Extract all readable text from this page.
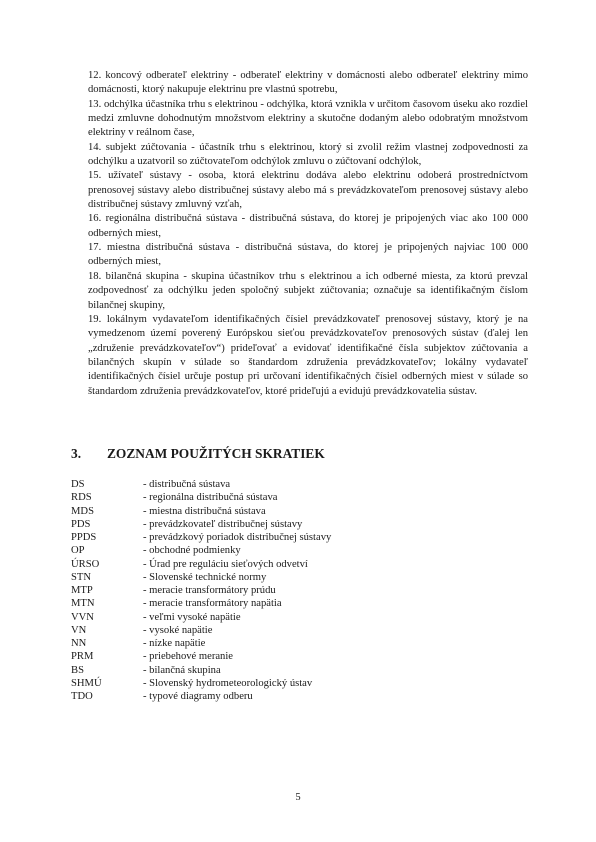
12. koncový odberateľ elektriny - odberateľ elektriny v domácnosti alebo odberateľ elektriny mimo domácnosti, ktorý nakupuje elektrinu pre vlastnú spotrebu,

13. odchýlka účastníka trhu s elektrinou - odchýlka, ktorá vznikla v určitom časovom úseku ako rozdiel medzi zmluvne dohodnutým množstvom elektriny a skutočne dodaným alebo odobratým množstvom elektriny v reálnom čase,

14. subjekt zúčtovania - účastník trhu s elektrinou, ktorý si zvolil režim vlastnej zodpovednosti za odchýlku a uzatvoril so zúčtovateľom odchýlok zmluvu o zúčtovaní odchýlok,

15. užívateľ sústavy - osoba, ktorá elektrinu dodáva alebo elektrinu odoberá prostredníctvom prenosovej sústavy alebo distribučnej sústavy alebo má s prevádzkovateľom prenosovej sústavy alebo distribučnej sústavy zmluvný vzťah,

16. regionálna distribučná sústava - distribučná sústava, do ktorej je pripojených viac ako 100 000 odberných miest,

17. miestna distribučná sústava - distribučná sústava, do ktorej je pripojených najviac 100 000 odberných miest,

18. bilančná skupina - skupina účastníkov trhu s elektrinou a ich odberné miesta, za ktorú prevzal zodpovednosť za odchýlku jeden spoločný subjekt zúčtovania; označuje sa identifikačným číslom bilančnej skupiny,

19. lokálnym vydavateľom identifikačných čísiel prevádzkovateľ prenosovej sústavy, ktorý je na vymedzenom území poverený Európskou sieťou prevádzkovateľov prenosových sústav (ďalej len „združenie prevádzkovateľov“) prideľovať a evidovať identifikačné čísla subjektov zúčtovania a bilančných skupín v súlade so štandardom združenia prevádzkovateľov; lokálny vydavateľ identifikačných čísiel určuje postup pri určovaní identifikačných čísiel odberných miest v súlade so štandardom združenia prevádzkovateľov, ktoré prideľujú a evidujú prevádzkovatelia sústav.

3. ZOZNAM POUŽITÝCH SKRATIEK
DS	- distribučná sústava
RDS	- regionálna distribučná sústava
MDS	- miestna distribučná sústava
PDS	- prevádzkovateľ distribučnej sústavy
PPDS	- prevádzkový poriadok distribučnej sústavy
OP	- obchodné podmienky
ÚRSO	- Úrad pre reguláciu sieťových odvetví
STN	- Slovenské technické normy
MTP	- meracie transformátory prúdu
MTN	- meracie transformátory napätia
VVN	- veľmi vysoké napätie
VN	- vysoké napätie
NN	- nízke napätie
PRM	- priebehové meranie
BS	- bilančná skupina
SHMÚ	- Slovenský hydrometeorologický ústav
TDO	- typové diagramy odberu
5
